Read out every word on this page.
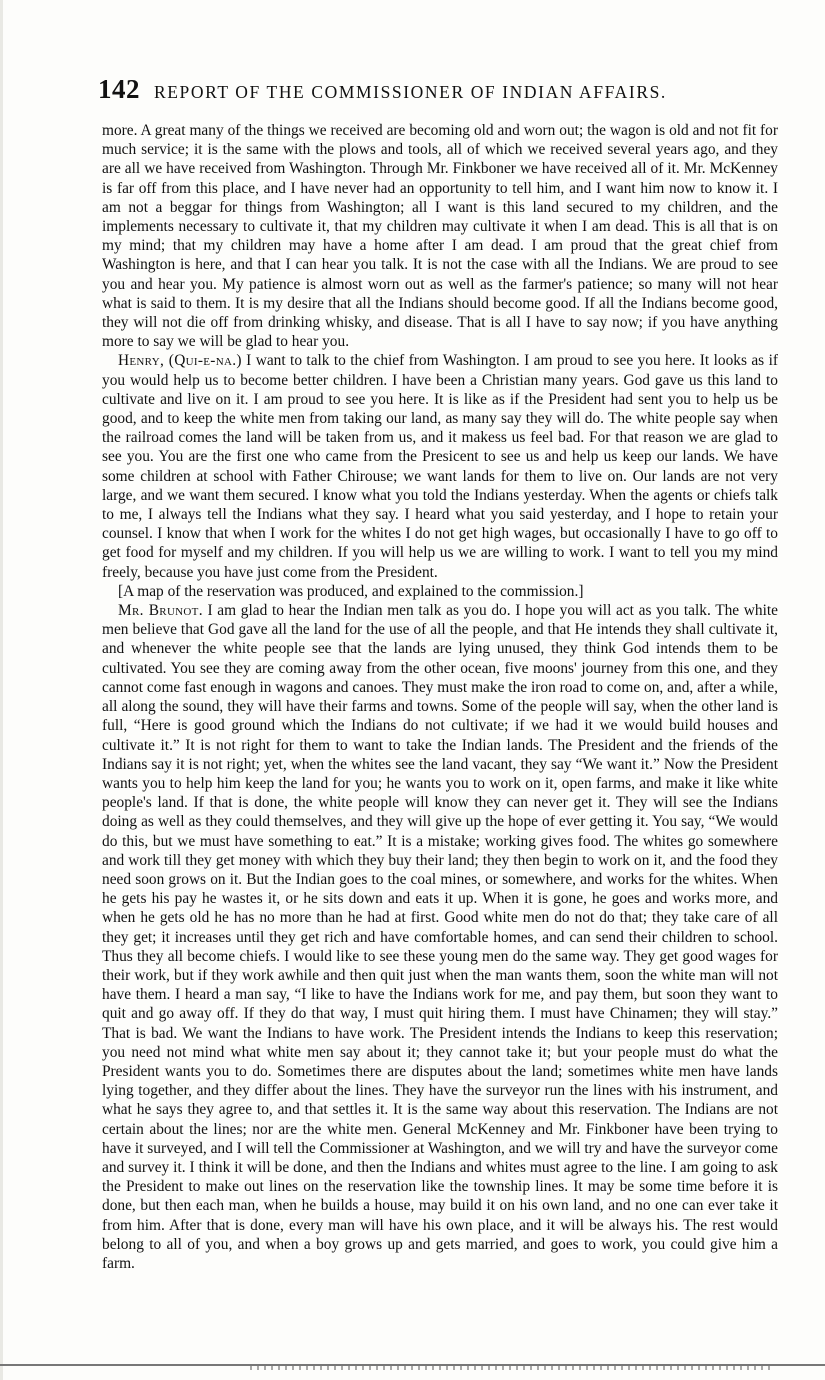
142 REPORT OF THE COMMISSIONER OF INDIAN AFFAIRS.

more. A great many of the things we received are becoming old and worn out; the wagon is old and not fit for much service; it is the same with the plows and tools, all of which we received several years ago, and they are all we have received from Washington. Through Mr. Finkboner we have received all of it. Mr. McKenney is far off from this place, and I have never had an opportunity to tell him, and I want him now to know it. I am not a beggar for things from Washington; all I want is this land secured to my children, and the implements necessary to cultivate it, that my children may cultivate it when I am dead. This is all that is on my mind; that my children may have a home after I am dead. I am proud that the great chief from Washington is here, and that I can hear you talk. It is not the case with all the Indians. We are proud to see you and hear you. My patience is almost worn out as well as the farmer's patience; so many will not hear what is said to them. It is my desire that all the Indians should become good. If all the Indians become good, they will not die off from drinking whisky, and disease. That is all I have to say now; if you have anything more to say we will be glad to hear you.

Henry, (Qui-e-na.) I want to talk to the chief from Washington. I am proud to see you here. It looks as if you would help us to become better children. I have been a Christian many years. God gave us this land to cultivate and live on it. I am proud to see you here. It is like as if the President had sent you to help us be good, and to keep the white men from taking our land, as many say they will do. The white people say when the railroad comes the land will be taken from us, and it makess us feel bad. For that reason we are glad to see you. You are the first one who came from the Presicent to see us and help us keep our lands. We have some children at school with Father Chirouse; we want lands for them to live on. Our lands are not very large, and we want them secured. I know what you told the Indians yesterday. When the agents or chiefs talk to me, I always tell the Indians what they say. I heard what you said yesterday, and I hope to retain your counsel. I know that when I work for the whites I do not get high wages, but occasionally I have to go off to get food for myself and my children. If you will help us we are willing to work. I want to tell you my mind freely, because you have just come from the President.

[A map of the reservation was produced, and explained to the commission.]

Mr. Brunot. I am glad to hear the Indian men talk as you do. I hope you will act as you talk. The white men believe that God gave all the land for the use of all the people, and that He intends they shall cultivate it, and whenever the white people see that the lands are lying unused, they think God intends them to be cultivated. You see they are coming away from the other ocean, five moons' journey from this one, and they cannot come fast enough in wagons and canoes. They must make the iron road to come on, and, after a while, all along the sound, they will have their farms and towns. Some of the people will say, when the other land is full, “Here is good ground which the Indians do not cultivate; if we had it we would build houses and cultivate it.” It is not right for them to want to take the Indian lands. The President and the friends of the Indians say it is not right; yet, when the whites see the land vacant, they say “We want it.” Now the President wants you to help him keep the land for you; he wants you to work on it, open farms, and make it like white people's land. If that is done, the white people will know they can never get it. They will see the Indians doing as well as they could themselves, and they will give up the hope of ever getting it. You say, “We would do this, but we must have something to eat.” It is a mistake; working gives food. The whites go somewhere and work till they get money with which they buy their land; they then begin to work on it, and the food they need soon grows on it. But the Indian goes to the coal mines, or somewhere, and works for the whites. When he gets his pay he wastes it, or he sits down and eats it up. When it is gone, he goes and works more, and when he gets old he has no more than he had at first. Good white men do not do that; they take care of all they get; it increases until they get rich and have comfortable homes, and can send their children to school. Thus they all become chiefs. I would like to see these young men do the same way. They get good wages for their work, but if they work awhile and then quit just when the man wants them, soon the white man will not have them. I heard a man say, “I like to have the Indians work for me, and pay them, but soon they want to quit and go away off. If they do that way, I must quit hiring them. I must have Chinamen; they will stay.” That is bad. We want the Indians to have work. The President intends the Indians to keep this reservation; you need not mind what white men say about it; they cannot take it; but your people must do what the President wants you to do. Sometimes there are disputes about the land; sometimes white men have lands lying together, and they differ about the lines. They have the surveyor run the lines with his instrument, and what he says they agree to, and that settles it. It is the same way about this reservation. The Indians are not certain about the lines; nor are the white men. General McKenney and Mr. Finkboner have been trying to have it surveyed, and I will tell the Commissioner at Washington, and we will try and have the surveyor come and survey it. I think it will be done, and then the Indians and whites must agree to the line. I am going to ask the President to make out lines on the reservation like the township lines. It may be some time before it is done, but then each man, when he builds a house, may build it on his own land, and no one can ever take it from him. After that is done, every man will have his own place, and it will be always his. The rest would belong to all of you, and when a boy grows up and gets married, and goes to work, you could give him a farm.
